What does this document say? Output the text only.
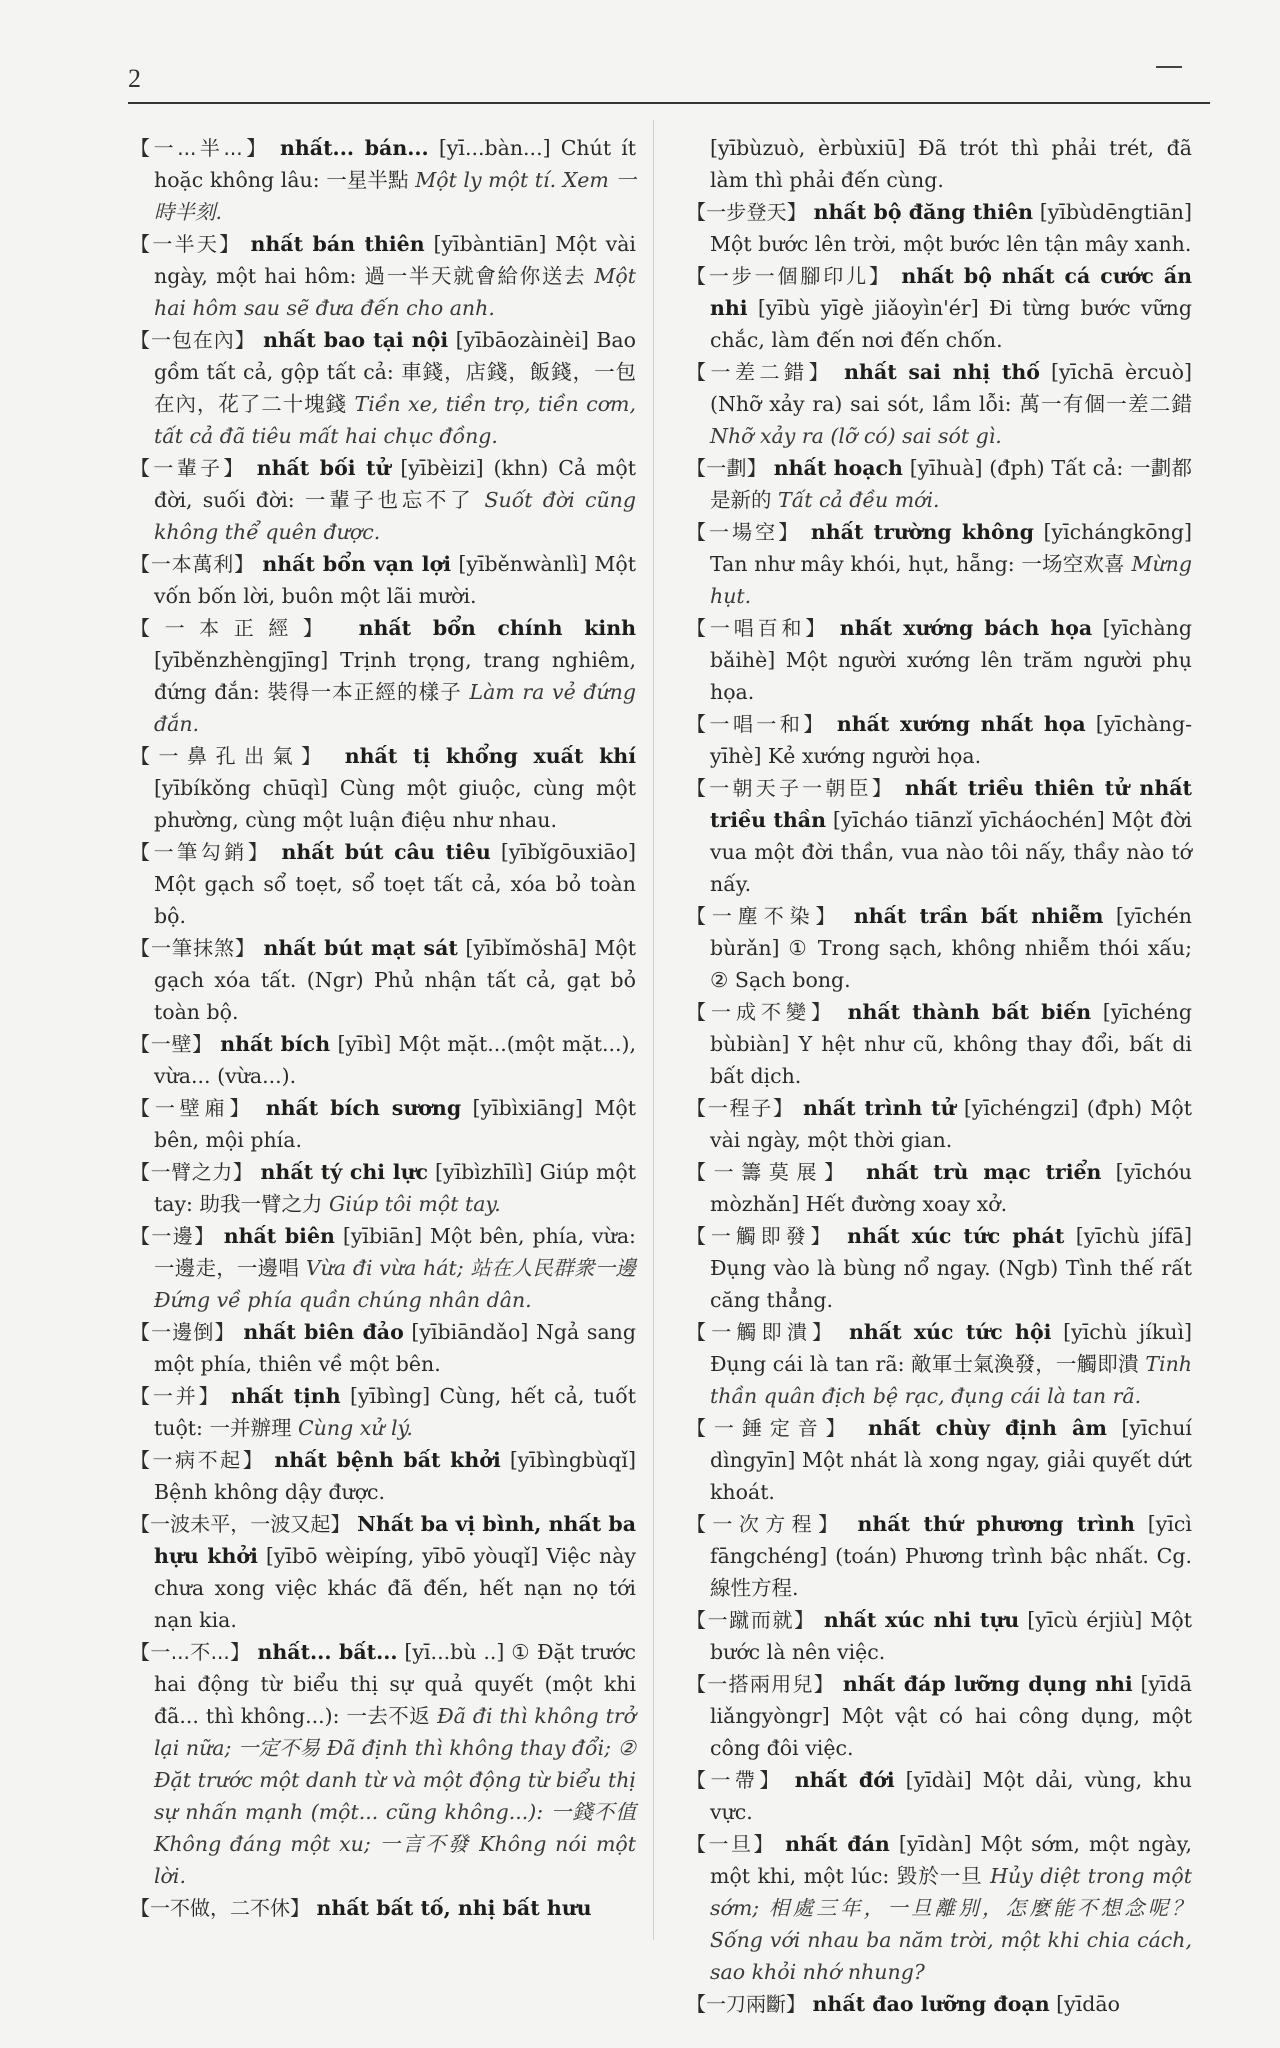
2

【一...半...】 nhất... bán... [yī...bàn...] Chút ít hoặc không lâu: 一星半點 Một ly một tí. Xem 一時半刻.

【一半天】 nhất bán thiên [yībàntiān] Một vài ngày, một hai hôm: 過一半天就會給你送去 Một hai hôm sau sẽ đưa đến cho anh.

【一包在內】 nhất bao tại nội [yībāozàinèi] Bao gồm tất cả, gộp tất cả: 車錢，店錢，飯錢，一包在內，花了二十塊錢 Tiền xe, tiền trọ, tiền cơm, tất cả đã tiêu mất hai chục đồng.

【一輩子】 nhất bối tử [yībèizi] (khn) Cả một đời, suối đời: 一輩子也忘不了 Suốt đời cũng không thể quên được.

【一本萬利】 nhất bổn vạn lợi [yīběnwànlì] Một vốn bốn lời, buôn một lãi mười.

【一本正經】 nhất bổn chính kinh [yīběnzhèngjīng] Trịnh trọng, trang nghiêm, đứng đắn: 裝得一本正經的樣子 Làm ra vẻ đứng đắn.

【一鼻孔出氣】 nhất tị khổng xuất khí [yībíkǒng chūqì] Cùng một giuộc, cùng một phường, cùng một luận điệu như nhau.

【一筆勾銷】 nhất bút câu tiêu [yībǐgōuxiāo] Một gạch sổ toẹt, sổ toẹt tất cả, xóa bỏ toàn bộ.

【一筆抹煞】 nhất bút mạt sát [yībǐmǒshā] Một gạch xóa tất. (Ngr) Phủ nhận tất cả, gạt bỏ toàn bộ.

【一壁】 nhất bích [yībì] Một mặt...(một mặt...), vừa... (vừa...).

【一壁廂】 nhất bích sương [yībìxiāng] Một bên, mội phía.

【一臂之力】 nhất tý chi lực [yībìzhīlì] Giúp một tay: 助我一臂之力 Giúp tôi một tay.

【一邊】 nhất biên [yībiān] Một bên, phía, vừa: 一邊走，一邊唱 Vừa đi vừa hát; 站在人民群衆一邊 Đứng về phía quần chúng nhân dân.

【一邊倒】 nhất biên đảo [yībiāndǎo] Ngả sang một phía, thiên về một bên.

【一并】 nhất tịnh [yībìng] Cùng, hết cả, tuốt tuột: 一并辦理 Cùng xử lý.

【一病不起】 nhất bệnh bất khởi [yībìngbùqǐ] Bệnh không dậy được.

【一波未平，一波又起】 Nhất ba vị bình, nhất ba hựu khởi [yībō wèipíng, yībō yòuqǐ] Việc này chưa xong việc khác đã đến, hết nạn nọ tới nạn kia.

【一...不...】 nhất... bất... [yī...bù ..] ① Đặt trước hai động từ biểu thị sự quả quyết (một khi đã... thì không...): 一去不返 Đã đi thì không trở lại nữa; 一定不易 Đã định thì không thay đổi; ② Đặt trước một danh từ và một động từ biểu thị sự nhấn mạnh (một... cũng không...): 一錢不值 Không đáng một xu; 一言不發 Không nói một lời.

【一不做，二不休】 nhất bất tố, nhị bất hưu

[yībùzuò, èrbùxiū] Đã trót thì phải trét, đã làm thì phải đến cùng.

【一步登天】 nhất bộ đăng thiên [yībùdēngtiān] Một bước lên trời, một bước lên tận mây xanh.

【一步一個腳印儿】 nhất bộ nhất cá cước ấn nhi [yībù yīgè jiǎoyìn'ér] Đi từng bước vững chắc, làm đến nơi đến chốn.

【一差二錯】 nhất sai nhị thố [yīchā èrcuò] (Nhỡ xảy ra) sai sót, lầm lỗi: 萬一有個一差二錯 Nhỡ xảy ra (lỡ có) sai sót gì.

【一劃】 nhất hoạch [yīhuà] (đph) Tất cả: 一劃都是新的 Tất cả đều mới.

【一場空】 nhất trường không [yīchángkōng] Tan như mây khói, hụt, hẵng: 一场空欢喜 Mừng hụt.

【一唱百和】 nhất xướng bách họa [yīchàng bǎihè] Một người xướng lên trăm người phụ họa.

【一唱一和】 nhất xướng nhất họa [yīchàng-yīhè] Kẻ xướng người họa.

【一朝天子一朝臣】 nhất triều thiên tử nhất triều thần [yīcháo tiānzǐ yīcháochén] Một đời vua một đời thần, vua nào tôi nấy, thầy nào tớ nấy.

【一塵不染】 nhất trần bất nhiễm [yīchén bùrǎn] ① Trong sạch, không nhiễm thói xấu; ② Sạch bong.

【一成不變】 nhất thành bất biến [yīchéng bùbiàn] Y hệt như cũ, không thay đổi, bất di bất dịch.

【一程子】 nhất trình tử [yīchéngzi] (đph) Một vài ngày, một thời gian.

【一籌莫展】 nhất trù mạc triển [yīchóu mòzhǎn] Hết đường xoay xở.

【一觸即發】 nhất xúc tức phát [yīchù jífā] Đụng vào là bùng nổ ngay. (Ngb) Tình thế rất căng thẳng.

【一觸即潰】 nhất xúc tức hội [yīchù jíkuì] Đụng cái là tan rã: 敵軍士氣渙發，一觸即潰 Tinh thần quân địch bệ rạc, đụng cái là tan rã.

【一錘定音】 nhất chùy định âm [yīchuí dìngyīn] Một nhát là xong ngay, giải quyết dứt khoát.

【一次方程】 nhất thứ phương trình [yīcì fāngchéng] (toán) Phương trình bậc nhất. Cg.線性方程.

【一蹴而就】 nhất xúc nhi tựu [yīcù érjiù] Một bước là nên việc.

【一搭兩用兒】 nhất đáp lưỡng dụng nhi [yīdā liǎngyòngr] Một vật có hai công dụng, một công đôi việc.

【一帶】 nhất đới [yīdài] Một dải, vùng, khu vực.

【一旦】 nhất đán [yīdàn] Một sớm, một ngày, một khi, một lúc: 毀於一旦 Hủy diệt trong một sớm; 相處三年，一旦離別，怎麼能不想念呢？ Sống với nhau ba năm trời, một khi chia cách, sao khỏi nhớ nhung?

【一刀兩斷】 nhất đao lưỡng đoạn [yīdāo
